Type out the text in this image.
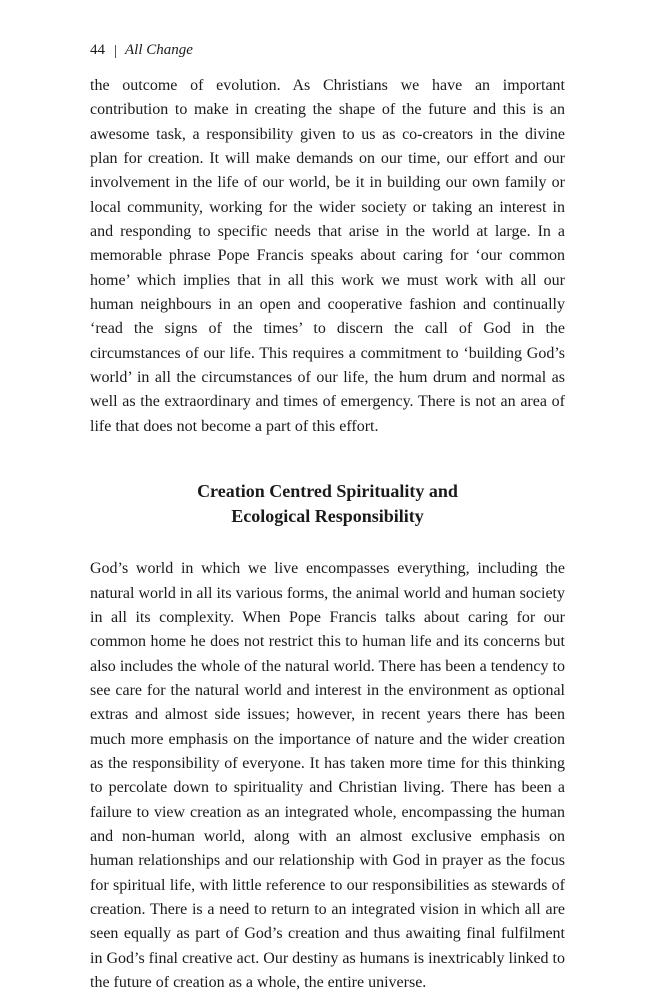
44 | All Change

the outcome of evolution. As Christians we have an important contribution to make in creating the shape of the future and this is an awesome task, a responsibility given to us as co-creators in the divine plan for creation. It will make demands on our time, our effort and our involvement in the life of our world, be it in building our own family or local community, working for the wider society or taking an interest in and responding to specific needs that arise in the world at large. In a memorable phrase Pope Francis speaks about caring for ‘our common home’ which implies that in all this work we must work with all our human neighbours in an open and cooperative fashion and continually ‘read the signs of the times’ to discern the call of God in the circumstances of our life. This requires a commitment to ‘building God’s world’ in all the circumstances of our life, the hum drum and normal as well as the extraordinary and times of emergency. There is not an area of life that does not become a part of this effort.

Creation Centred Spirituality and
Ecological Responsibility

God’s world in which we live encompasses everything, including the natural world in all its various forms, the animal world and human society in all its complexity. When Pope Francis talks about caring for our common home he does not restrict this to human life and its concerns but also includes the whole of the natural world. There has been a tendency to see care for the natural world and interest in the environment as optional extras and almost side issues; however, in recent years there has been much more emphasis on the importance of nature and the wider creation as the responsibility of everyone. It has taken more time for this thinking to percolate down to spirituality and Christian living. There has been a failure to view creation as an integrated whole, encompassing the human and non-human world, along with an almost exclusive emphasis on human relationships and our relationship with God in prayer as the focus for spiritual life, with little reference to our responsibilities as stewards of creation. There is a need to return to an integrated vision in which all are seen equally as part of God’s creation and thus awaiting final fulfilment in God’s final creative act. Our destiny as humans is inextricably linked to the future of creation as a whole, the entire universe.
